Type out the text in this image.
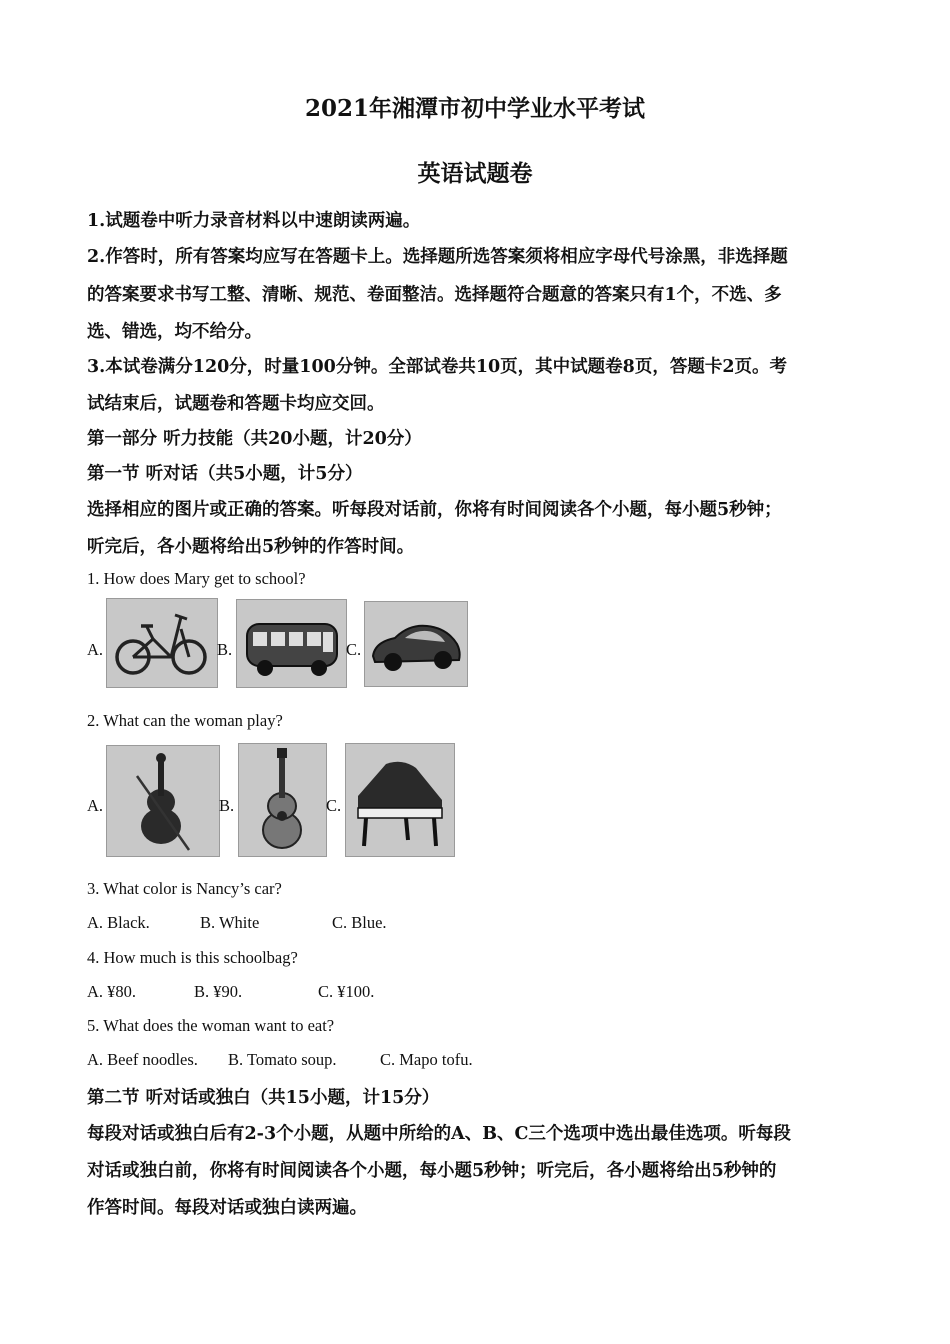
2021年湘潭市初中学业水平考试
英语试题卷
1.试题卷中听力录音材料以中速朗读两遍。
2.作答时，所有答案均应写在答题卡上。选择题所选答案须将相应字母代号涂黑，非选择题
的答案要求书写工整、清晰、规范、卷面整洁。选择题符合题意的答案只有1个，不选、多
选、错选，均不给分。
3.本试卷满分120分，时量100分钟。全部试卷共10页，其中试题卷8页，答题卡2页。考
试结束后，试题卷和答题卡均应交回。
第一部分 听力技能（共20小题，计20分）
第一节 听对话（共5小题，计5分）
选择相应的图片或正确的答案。听每段对话前，你将有时间阅读各个小题，每小题5秒钟；
听完后，各小题将给出5秒钟的作答时间。
1. How does Mary get to school?
A.	B.	C.
2. What can the woman play?
A.	B.	C.
3. What color is Nancy’s car?
A. Black.	B. White	C. Blue.
4. How much is this schoolbag?
A. ¥80.	B. ¥90.	C. ¥100.
5. What does the woman want to eat?
A. Beef noodles. B. Tomato soup.	C. Mapo tofu.
第二节 听对话或独白（共15小题，计15分）
每段对话或独白后有2-3个小题，从题中所给的A、B、C三个选项中选出最佳选项。听每段
对话或独白前，你将有时间阅读各个小题，每小题5秒钟；听完后，各小题将给出5秒钟的
作答时间。每段对话或独白读两遍。
